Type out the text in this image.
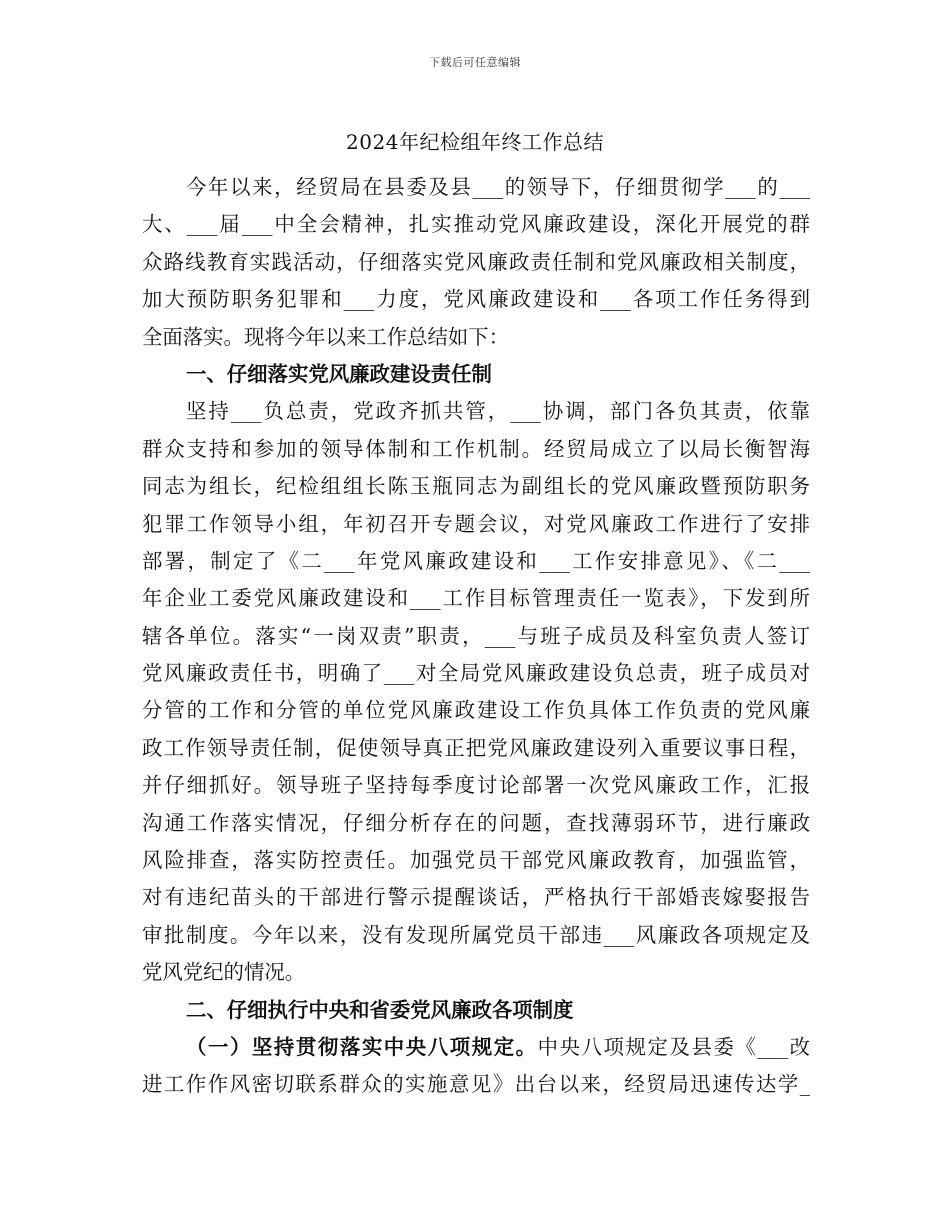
下载后可任意编辑
2024年纪检组年终工作总结
今年以来，经贸局在县委及县___的领导下，仔细贯彻学___的___
大、___届___中全会精神，扎实推动党风廉政建设，深化开展党的群
众路线教育实践活动，仔细落实党风廉政责任制和党风廉政相关制度，
加大预防职务犯罪和___力度，党风廉政建设和___各项工作任务得到
全面落实。现将今年以来工作总结如下：
一、仔细落实党风廉政建设责任制
坚持___负总责，党政齐抓共管，___协调，部门各负其责，依靠
群众支持和参加的领导体制和工作机制。经贸局成立了以局长衡智海
同志为组长，纪检组组长陈玉瓶同志为副组长的党风廉政暨预防职务
犯罪工作领导小组，年初召开专题会议，对党风廉政工作进行了安排
部署，制定了《二___年党风廉政建设和___工作安排意见》、《二___
年企业工委党风廉政建设和___工作目标管理责任一览表》，下发到所
辖各单位。落实“一岗双责”职责，___与班子成员及科室负责人签订
党风廉政责任书，明确了___对全局党风廉政建设负总责，班子成员对
分管的工作和分管的单位党风廉政建设工作负具体工作负责的党风廉
政工作领导责任制，促使领导真正把党风廉政建设列入重要议事日程，
并仔细抓好。领导班子坚持每季度讨论部署一次党风廉政工作，汇报
沟通工作落实情况，仔细分析存在的问题，查找薄弱环节，进行廉政
风险排查，落实防控责任。加强党员干部党风廉政教育，加强监管，
对有违纪苗头的干部进行警示提醒谈话，严格执行干部婚丧嫁娶报告
审批制度。今年以来，没有发现所属党员干部违___风廉政各项规定及
党风党纪的情况。
二、仔细执行中央和省委党风廉政各项制度
（一）坚持贯彻落实中央八项规定。中央八项规定及县委《___改
进工作作风密切联系群众的实施意见》出台以来，经贸局迅速传达学_
